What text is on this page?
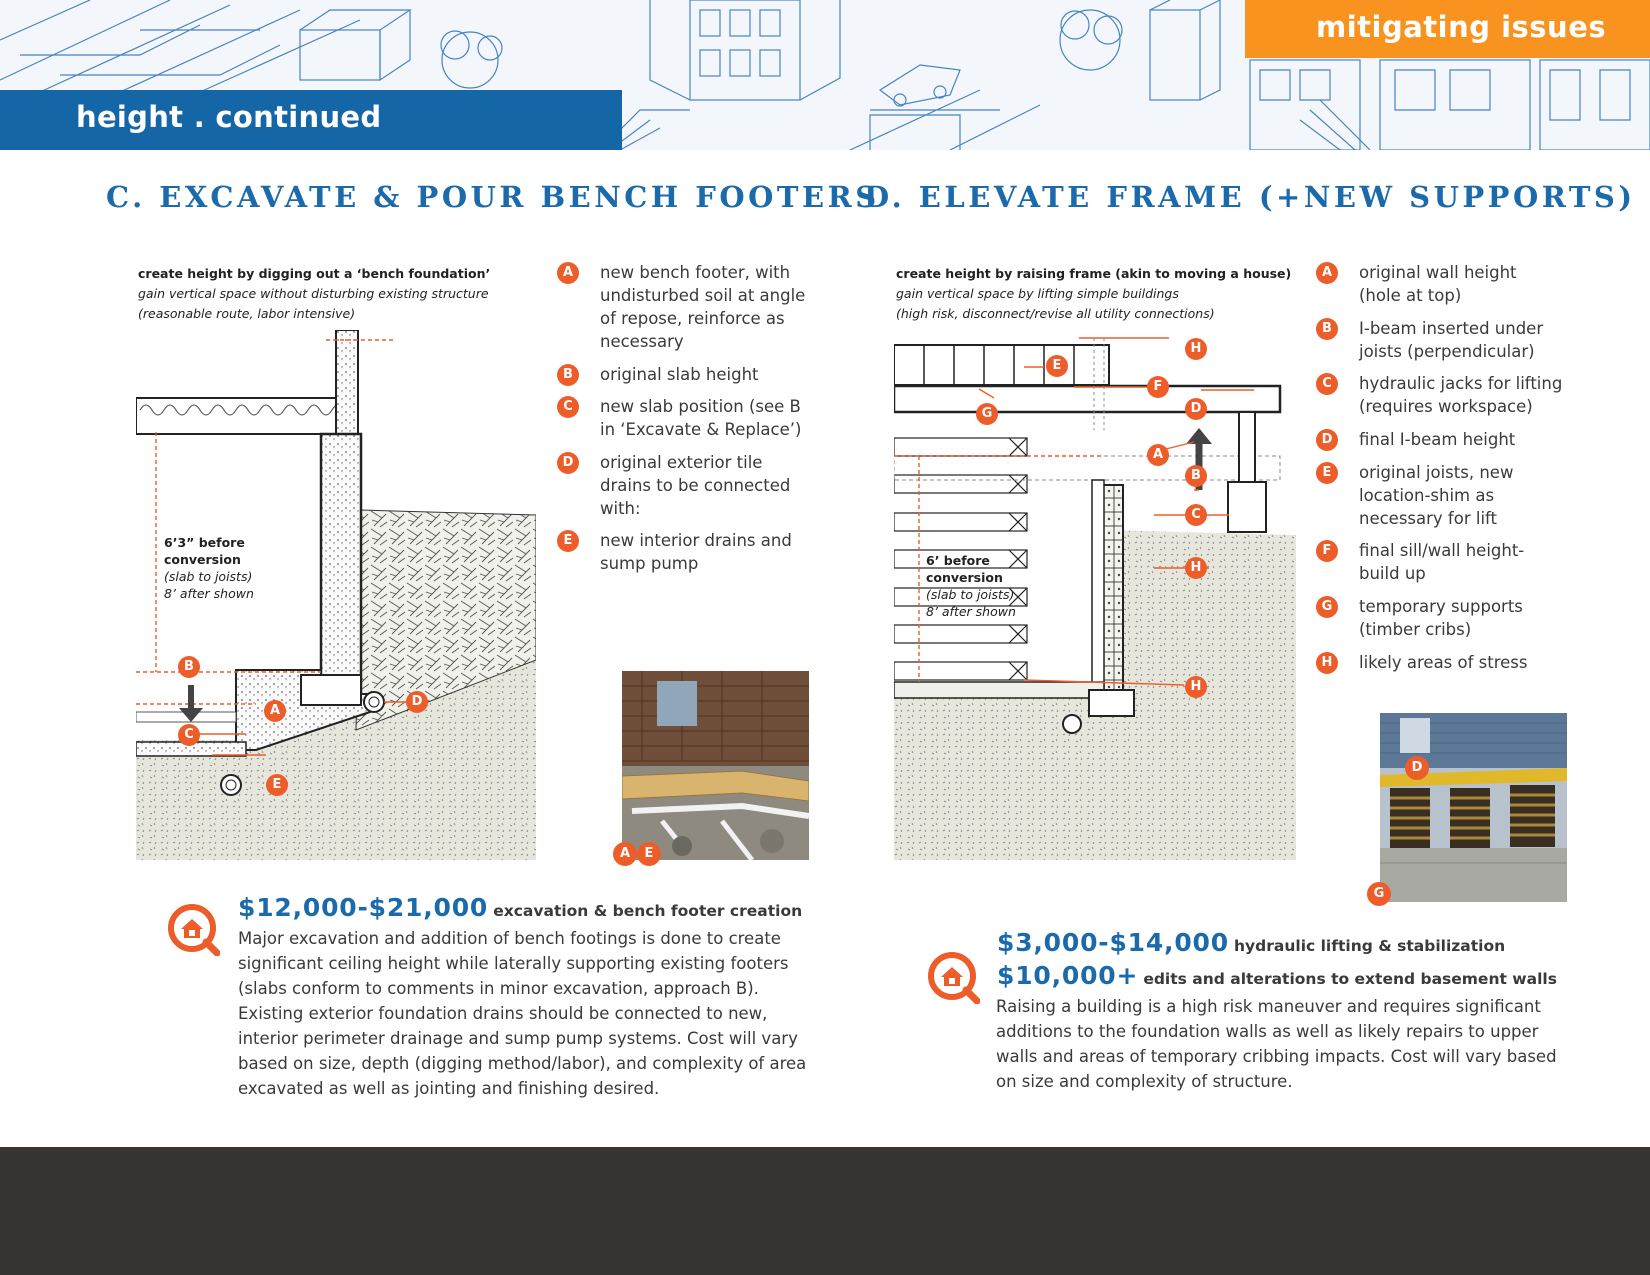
height . continued
mitigating issues
C. EXCAVATE & POUR BENCH FOOTERS
create height by digging out a ‘bench foundation’
gain vertical space without disturbing existing structure
(reasonable route, labor intensive)
B
C
A
D
E
6’3” before
conversion
(slab to joists)
8’ after shown
A	new bench footer, with undisturbed soil at angle of repose, reinforce as necessary
B	original slab height
C	new slab position (see B in ‘Excavate & Replace’)
D	original exterior tile drains to be connected with:
E	new interior drains and sump pump
A	E
$12,000-$21,000 excavation & bench footer creation
Major excavation and addition of bench footings is done to create significant ceiling height while laterally supporting existing footers (slabs conform to comments in minor excavation, approach B). Existing exterior foundation drains should be connected to new, interior perimeter drainage and sump pump systems. Cost will vary based on size, depth (digging method/labor), and complexity of area excavated as well as jointing and finishing desired.
D. ELEVATE FRAME (+NEW SUPPORTS)
create height by raising frame (akin to moving a house)
gain vertical space by lifting simple buildings
(high risk, disconnect/revise all utility connections)
H
E
F
D
G
A
B
C
H
H
6’ before
conversion
(slab to joists)
8’ after shown
A	original wall height (hole at top)
B	I-beam inserted under joists (perpendicular)
C	hydraulic jacks for lifting (requires workspace)
D	final I-beam height
E	original joists, new location-shim as necessary for lift
F	final sill/wall height-build up
G	temporary supports (timber cribs)
H	likely areas of stress
D
G
$3,000-$14,000 hydraulic lifting & stabilization
$10,000+ edits and alterations to extend basement walls
Raising a building is a high risk maneuver and requires significant additions to the foundation walls as well as likely repairs to upper walls and areas of temporary cribbing impacts. Cost will vary based on size and complexity of structure.
